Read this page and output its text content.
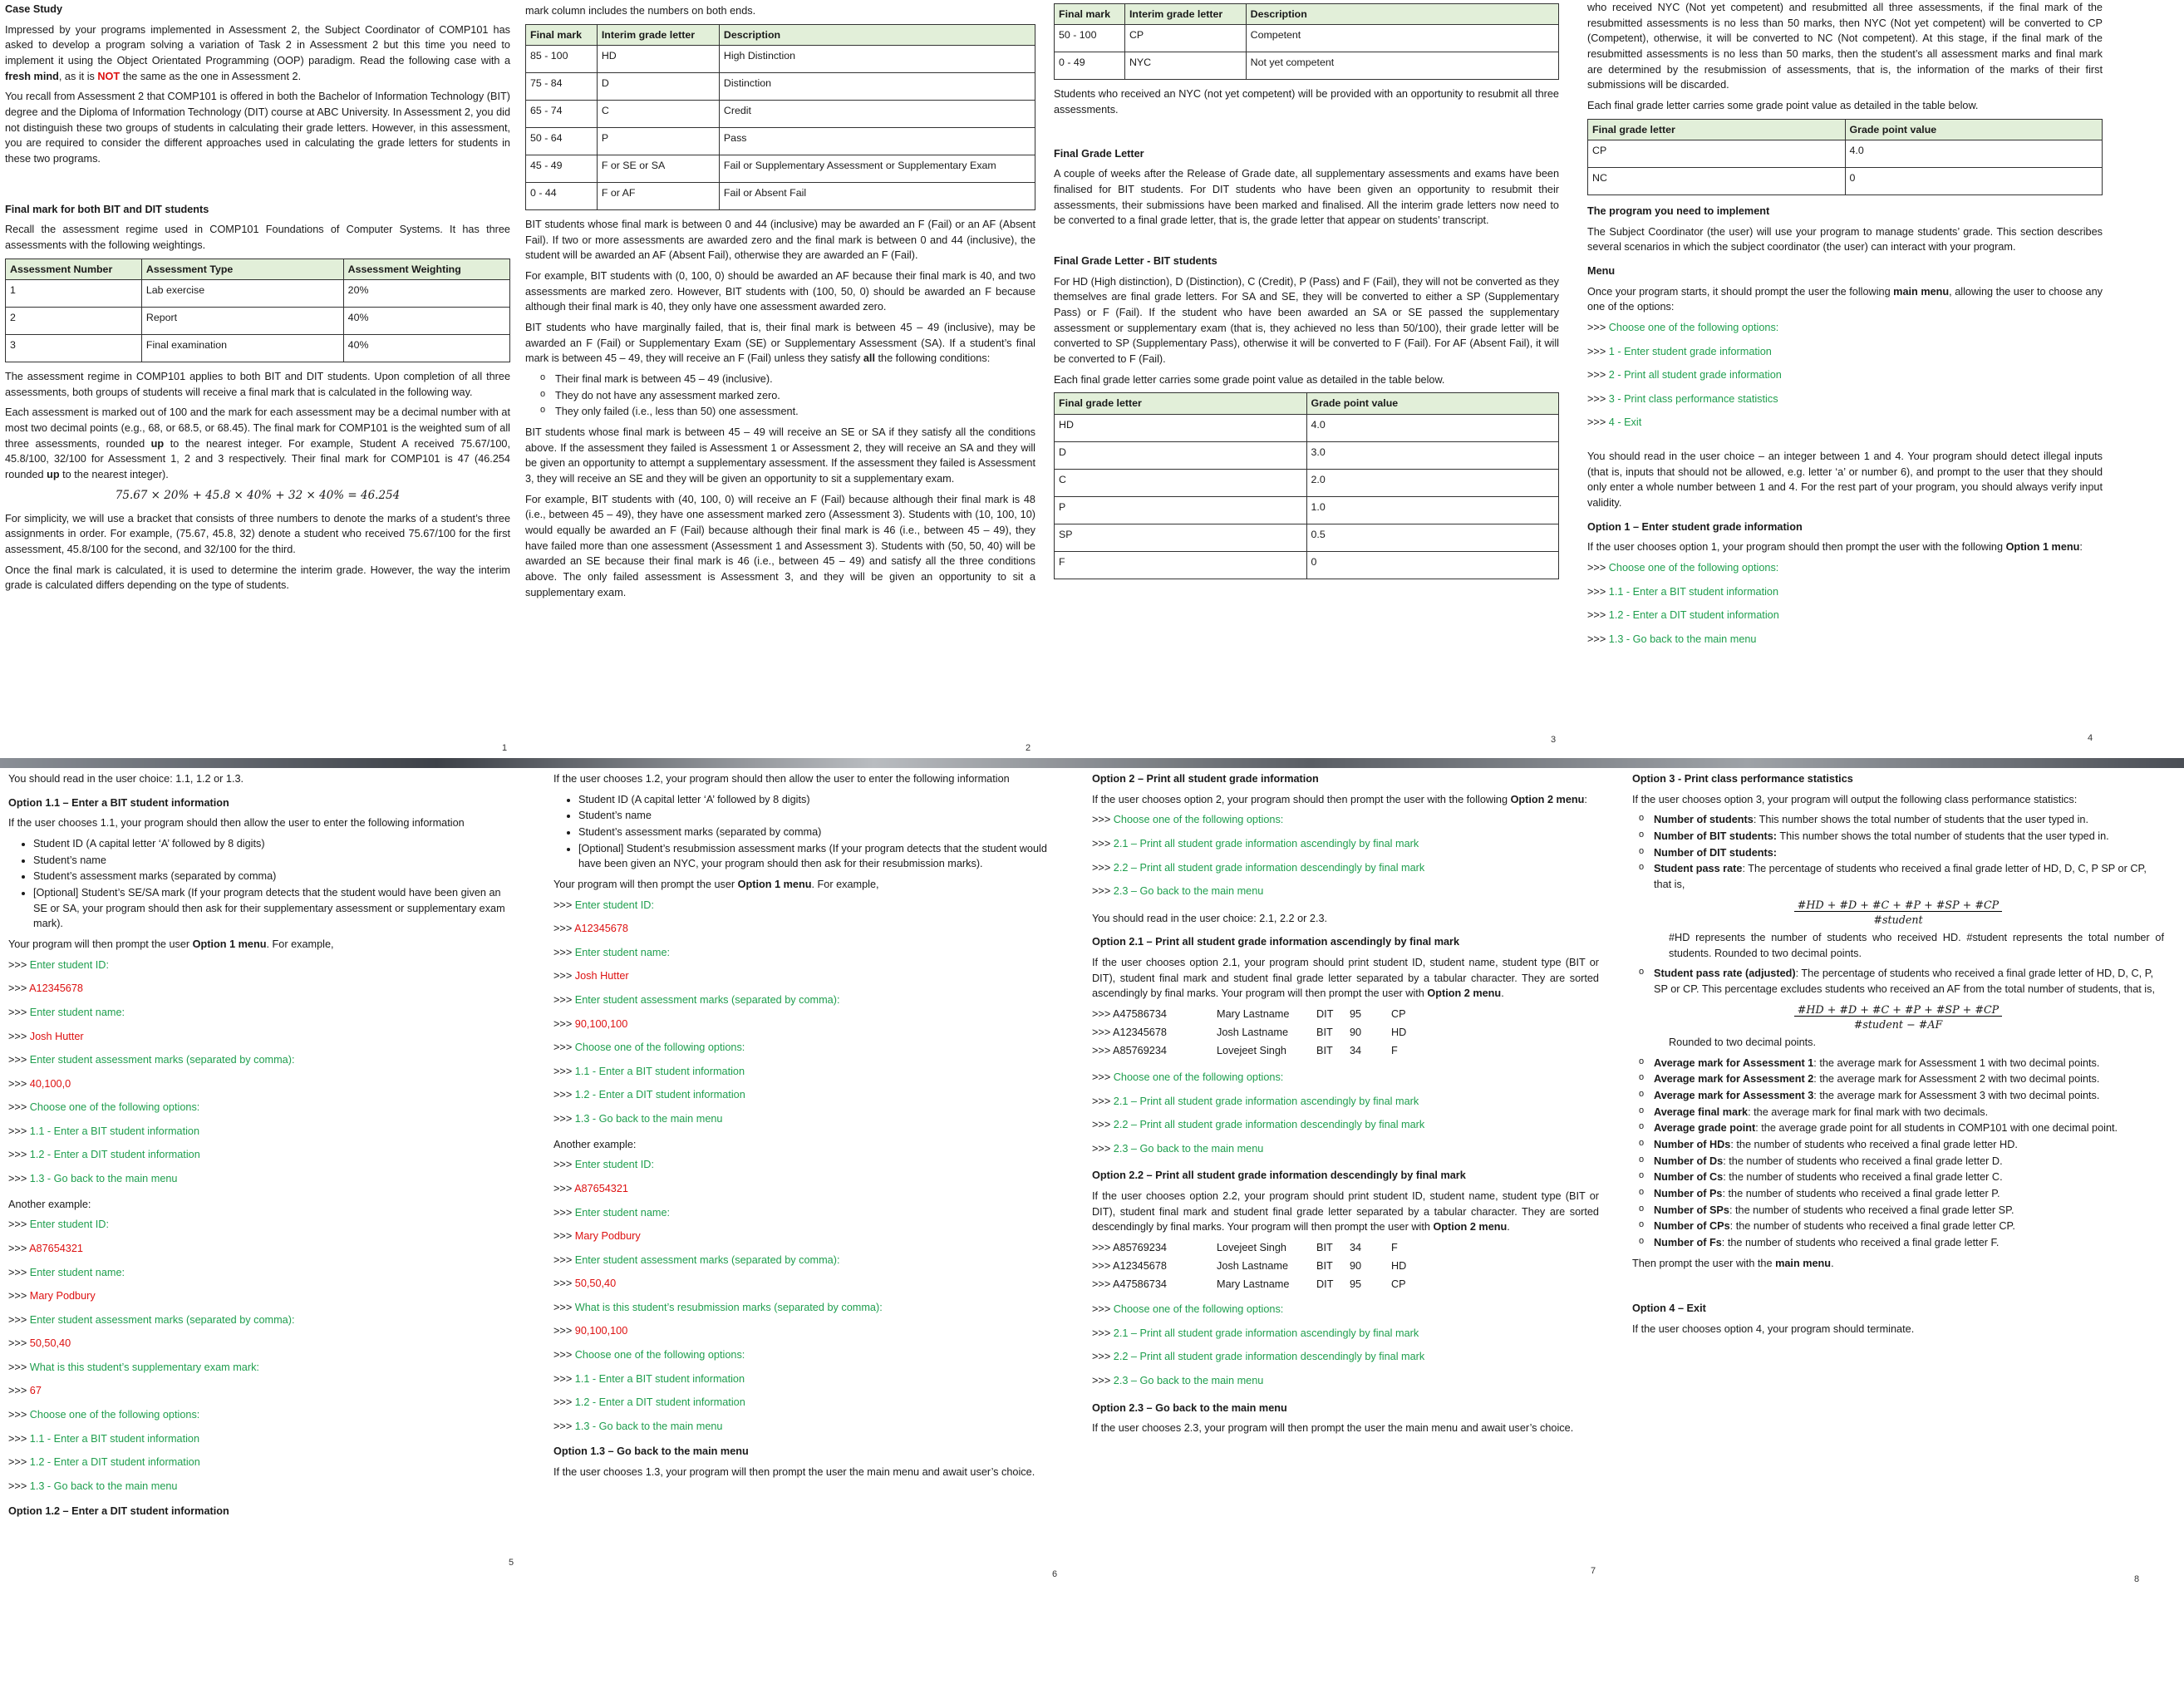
Case Study

Impressed by your programs implemented in Assessment 2, the Subject Coordinator of COMP101 has asked to develop a program solving a variation of Task 2 in Assessment 2 but this time you need to implement it using the Object Orientated Programming (OOP) paradigm. Read the following case with a fresh mind, as it is NOT the same as the one in Assessment 2.

You recall from Assessment 2 that COMP101 is offered in both the Bachelor of Information Technology (BIT) degree and the Diploma of Information Technology (DIT) course at ABC University. In Assessment 2, you did not distinguish these two groups of students in calculating their grade letters. However, in this assessment, you are required to consider the different approaches used in calculating the grade letters for students in these two programs.

Final mark for both BIT and DIT students

Recall the assessment regime used in COMP101 Foundations of Computer Systems. It has three assessments with the following weightings.

Assessment Number	Assessment Type	Assessment Weighting
1	Lab exercise	20%
2	Report	40%
3	Final examination	40%

The assessment regime in COMP101 applies to both BIT and DIT students. Upon completion of all three assessments, both groups of students will receive a final mark that is calculated in the following way.

Each assessment is marked out of 100 and the mark for each assessment may be a decimal number with at most two decimal points (e.g., 68, or 68.5, or 68.45). The final mark for COMP101 is the weighted sum of all three assessments, rounded up to the nearest integer. For example, Student A received 75.67/100, 45.8/100, 32/100 for Assessment 1, 2 and 3 respectively. Their final mark for COMP101 is 47 (46.254 rounded up to the nearest integer).

75.67 × 20% + 45.8 × 40% + 32 × 40% = 46.254

For simplicity, we will use a bracket that consists of three numbers to denote the marks of a student’s three assignments in order. For example, (75.67, 45.8, 32) denote a student who received 75.67/100 for the first assessment, 45.8/100 for the second, and 32/100 for the third.

Once the final mark is calculated, it is used to determine the interim grade. However, the way the interim grade is calculated differs depending on the type of students.

1

mark column includes the numbers on both ends.

Final mark	Interim grade letter	Description
85 - 100	HD	High Distinction
75 - 84	D	Distinction
65 - 74	C	Credit
50 - 64	P	Pass
45 - 49	F or SE or SA	Fail or Supplementary Assessment or Supplementary Exam
0 - 44	F or AF	Fail or Absent Fail

BIT students whose final mark is between 0 and 44 (inclusive) may be awarded an F (Fail) or an AF (Absent Fail). If two or more assessments are awarded zero and the final mark is between 0 and 44 (inclusive), the student will be awarded an AF (Absent Fail), otherwise they are awarded an F (Fail).

For example, BIT students with (0, 100, 0) should be awarded an AF because their final mark is 40, and two assessments are marked zero. However, BIT students with (100, 50, 0) should be awarded an F because although their final mark is 40, they only have one assessment awarded zero.

BIT students who have marginally failed, that is, their final mark is between 45 – 49 (inclusive), may be awarded an F (Fail) or Supplementary Exam (SE) or Supplementary Assessment (SA). If a student’s final mark is between 45 – 49, they will receive an F (Fail) unless they satisfy all the following conditions:

o Their final mark is between 45 – 49 (inclusive).
o They do not have any assessment marked zero.
o They only failed (i.e., less than 50) one assessment.

BIT students whose final mark is between 45 – 49 will receive an SE or SA if they satisfy all the conditions above. If the assessment they failed is Assessment 1 or Assessment 2, they will receive an SA and they will be given an opportunity to attempt a supplementary assessment. If the assessment they failed is Assessment 3, they will receive an SE and they will be given an opportunity to sit a supplementary exam.

For example, BIT students with (40, 100, 0) will receive an F (Fail) because although their final mark is 48 (i.e., between 45 – 49), they have one assessment marked zero (Assessment 3). Students with (10, 100, 10) would equally be awarded an F (Fail) because although their final mark is 46 (i.e., between 45 – 49), they have failed more than one assessment (Assessment 1 and Assessment 3). Students with (50, 50, 40) will be awarded an SE because their final mark is 46 (i.e., between 45 – 49) and satisfy all the three conditions above. The only failed assessment is Assessment 3, and they will be given an opportunity to sit a supplementary exam.

2
Final mark	Interim grade letter	Description
50 - 100	CP	Competent
0 - 49	NYC	Not yet competent

Students who received an NYC (not yet competent) will be provided with an opportunity to resubmit all three assessments.

Final Grade Letter

A couple of weeks after the Release of Grade date, all supplementary assessments and exams have been finalised for BIT students. For DIT students who have been given an opportunity to resubmit their assessments, their submissions have been marked and finalised. All the interim grade letters now need to be converted to a final grade letter, that is, the grade letter that appear on students’ transcript.

Final Grade Letter - BIT students

For HD (High distinction), D (Distinction), C (Credit), P (Pass) and F (Fail), they will not be converted as they themselves are final grade letters. For SA and SE, they will be converted to either a SP (Supplementary Pass) or F (Fail). If the student who have been awarded an SA or SE passed the supplementary assessment or supplementary exam (that is, they achieved no less than 50/100), their grade letter will be converted to SP (Supplementary Pass), otherwise it will be converted to F (Fail). For AF (Absent Fail), it will be converted to F (Fail).

Each final grade letter carries some grade point value as detailed in the table below.

Final grade letter	Grade point value
HD	4.0
D	3.0
C	2.0
P	1.0
SP	0.5
F	0
3

who received NYC (Not yet competent) and resubmitted all three assessments, if the final mark of the resubmitted assessments is no less than 50 marks, then NYC (Not yet competent) will be converted to CP (Competent), otherwise, it will be converted to NC (Not competent). At this stage, if the final mark of the resubmitted assessments is no less than 50 marks, then the student’s all assessment marks and final mark are determined by the resubmission of assessments, that is, the information of the marks of their first submissions will be discarded.

Each final grade letter carries some grade point value as detailed in the table below.

Final grade letter	Grade point value
CP	4.0
NC	0
The program you need to implement

The Subject Coordinator (the user) will use your program to manage students’ grade. This section describes several scenarios in which the subject coordinator (the user) can interact with your program.

Menu

Once your program starts, it should prompt the user the following main menu, allowing the user to choose any one of the options:

>>> Choose one of the following options:
>>> 1 - Enter student grade information
>>> 2 - Print all student grade information
>>> 3 - Print class performance statistics
>>> 4 - Exit

You should read in the user choice – an integer between 1 and 4. Your program should detect illegal inputs (that is, inputs that should not be allowed, e.g. letter ‘a’ or number 6), and prompt to the user that they should only enter a whole number between 1 and 4. For the rest part of your program, you should always verify input validity.

Option 1 – Enter student grade information

If the user chooses option 1, your program should then prompt the user with the following Option 1 menu:

>>> Choose one of the following options:
>>> 1.1 - Enter a BIT student information
>>> 1.2 - Enter a DIT student information
>>> 1.3 - Go back to the main menu
4

You should read in the user choice: 1.1, 1.2 or 1.3.

Option 1.1 – Enter a BIT student information

If the user chooses 1.1, your program should then allow the user to enter the following information

• Student ID (A capital letter ‘A’ followed by 8 digits)
• Student’s name
• Student’s assessment marks (separated by comma)
• [Optional] Student’s SE/SA mark (If your program detects that the student would have been given an SE or SA, your program should then ask for their supplementary assessment or supplementary exam mark).

Your program will then prompt the user Option 1 menu. For example,

>>> Enter student ID:
>>> A12345678
>>> Enter student name:
>>> Josh Hutter
>>> Enter student assessment marks (separated by comma):
>>> 40,100,0
>>> Choose one of the following options:
>>> 1.1 - Enter a BIT student information
>>> 1.2 - Enter a DIT student information
>>> 1.3 - Go back to the main menu

Another example:

>>> Enter student ID:
>>> A87654321
>>> Enter student name:
>>> Mary Podbury
>>> Enter student assessment marks (separated by comma):
>>> 50,50,40
>>> What is this student’s supplementary exam mark:
>>> 67
>>> Choose one of the following options:
>>> 1.1 - Enter a BIT student information
>>> 1.2 - Enter a DIT student information
>>> 1.3 - Go back to the main menu
Option 1.2 – Enter a DIT student information
5

If the user chooses 1.2, your program should then allow the user to enter the following information

• Student ID (A capital letter ‘A’ followed by 8 digits)
• Student’s name
• Student’s assessment marks (separated by comma)
• [Optional] Student’s resubmission assessment marks (If your program detects that the student would have been given an NYC, your program should then ask for their resubmission marks).

Your program will then prompt the user Option 1 menu. For example,

>>> Enter student ID:
>>> A12345678
>>> Enter student name:
>>> Josh Hutter
>>> Enter student assessment marks (separated by comma):
>>> 90,100,100
>>> Choose one of the following options:
>>> 1.1 - Enter a BIT student information
>>> 1.2 - Enter a DIT student information
>>> 1.3 - Go back to the main menu

Another example:

>>> Enter student ID:
>>> A87654321
>>> Enter student name:
>>> Mary Podbury
>>> Enter student assessment marks (separated by comma):
>>> 50,50,40
>>> What is this student’s resubmission marks (separated by comma):
>>> 90,100,100
>>> Choose one of the following options:
>>> 1.1 - Enter a BIT student information
>>> 1.2 - Enter a DIT student information
>>> 1.3 - Go back to the main menu
Option 1.3 – Go back to the main menu

If the user chooses 1.3, your program will then prompt the user the main menu and await user’s choice.

6
Option 2 – Print all student grade information

If the user chooses option 2, your program should then prompt the user with the following Option 2 menu:

>>> Choose one of the following options:
>>> 2.1 – Print all student grade information ascendingly by final mark
>>> 2.2 – Print all student grade information descendingly by final mark
>>> 2.3 – Go back to the main menu

You should read in the user choice: 2.1, 2.2 or 2.3.

Option 2.1 – Print all student grade information ascendingly by final mark

If the user chooses option 2.1, your program should print student ID, student name, student type (BIT or DIT), student final mark and student final grade letter separated by a tabular character. They are sorted ascendingly by final marks. Your program will then prompt the user with Option 2 menu.

>>> A47586734	Mary Lastname	DIT 95	CP
>>> A12345678	Josh Lastname	BIT 90	HD
>>> A85769234	Lovejeet Singh	BIT 34	F
>>> Choose one of the following options:
>>> 2.1 – Print all student grade information ascendingly by final mark
>>> 2.2 – Print all student grade information descendingly by final mark
>>> 2.3 – Go back to the main menu
Option 2.2 – Print all student grade information descendingly by final mark

If the user chooses option 2.2, your program should print student ID, student name, student type (BIT or DIT), student final mark and student final grade letter separated by a tabular character. They are sorted descendingly by final marks. Your program will then prompt the user with Option 2 menu.

>>> A85769234	Lovejeet Singh	BIT 34	F
>>> A12345678	Josh Lastname	BIT 90	HD
>>> A47586734	Mary Lastname	DIT 95	CP
>>> Choose one of the following options:
>>> 2.1 – Print all student grade information ascendingly by final mark
>>> 2.2 – Print all student grade information descendingly by final mark
>>> 2.3 – Go back to the main menu
Option 2.3 – Go back to the main menu

If the user chooses 2.3, your program will then prompt the user the main menu and await user’s choice.

7
Option 3 - Print class performance statistics

If the user chooses option 3, your program will output the following class performance statistics:

o Number of students: This number shows the total number of students that the user typed in.
o Number of BIT students: This number shows the total number of students that the user typed in.
o Number of DIT students:
o Student pass rate: The percentage of students who received a final grade letter of HD, D, C, P SP or CP, that is,
$\frac{\#HD + \#D + \#C + \#P + \#SP + \#CP}{\text{\#student}}$

#HD represents the number of students who received HD. #student represents the total number of students. Rounded to two decimal points.

o Student pass rate (adjusted): The percentage of students who received a final grade letter of HD, D, C, P, SP or CP. This percentage excludes students who received an AF from the total number of students, that is,
$\frac{\#HD + \#D + \#C + \#P + \#SP + \#CP}{\text{\#student − \#AF}}$

Rounded to two decimal points.

o Average mark for Assessment 1: the average mark for Assessment 1 with two decimal points.
o Average mark for Assessment 2: the average mark for Assessment 2 with two decimal points.
o Average mark for Assessment 3: the average mark for Assessment 3 with two decimal points.
o Average final mark: the average mark for final mark with two decimals.
o Average grade point: the average grade point for all students in COMP101 with one decimal point.
o Number of HDs: the number of students who received a final grade letter HD.
o Number of Ds: the number of students who received a final grade letter D.
o Number of Cs: the number of students who received a final grade letter C.
o Number of Ps: the number of students who received a final grade letter P.
o Number of SPs: the number of students who received a final grade letter SP.
o Number of CPs: the number of students who received a final grade letter CP.
o Number of Fs: the number of students who received a final grade letter F.

Then prompt the user with the main menu.

Option 4 – Exit

If the user chooses option 4, your program should terminate.

8
